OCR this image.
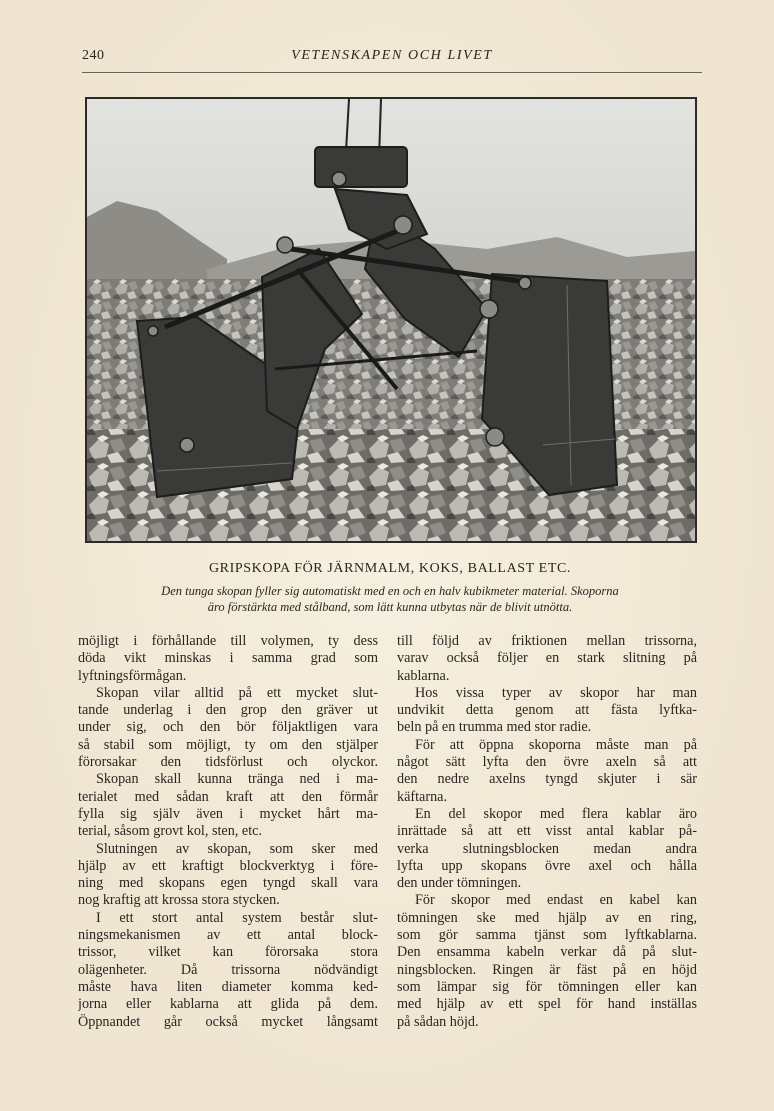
240	VETENSKAPEN OCH LIVET
GRIPSKOPA FÖR JÄRNMALM, KOKS, BALLAST ETC.
Den tunga skopan fyller sig automatiskt med en och en halv kubikmeter material. Skoporna
äro förstärkta med stålband, som lätt kunna utbytas när de blivit utnötta.
möjligt i förhållande till volymen, ty dess
döda vikt minskas i samma grad som
lyftningsförmågan.
Skopan vilar alltid på ett mycket slut-
tande underlag i den grop den gräver ut
under sig, och den bör följaktligen vara
så stabil som möjligt, ty om den stjälper
förorsakar den tidsförlust och olyckor.
Skopan skall kunna tränga ned i ma-
terialet med sådan kraft att den förmår
fylla sig själv även i mycket hårt ma-
terial, såsom grovt kol, sten, etc.
Slutningen av skopan, som sker med
hjälp av ett kraftigt blockverktyg i före-
ning med skopans egen tyngd skall vara
nog kraftig att krossa stora stycken.
I ett stort antal system består slut-
ningsmekanismen av ett antal block-
trissor, vilket kan förorsaka stora
olägenheter. Då trissorna nödvändigt
måste hava liten diameter komma ked-
jorna eller kablarna att glida på dem.
Öppnandet går också mycket långsamt
till följd av friktionen mellan trissorna,
varav också följer en stark slitning på
kablarna.
Hos vissa typer av skopor har man
undvikit detta genom att fästa lyftka-
beln på en trumma med stor radie.
För att öppna skoporna måste man på
något sätt lyfta den övre axeln så att
den nedre axelns tyngd skjuter i sär
käftarna.
En del skopor med flera kablar äro
inrättade så att ett visst antal kablar på-
verka slutningsblocken medan andra
lyfta upp skopans övre axel och hålla
den under tömningen.
För skopor med endast en kabel kan
tömningen ske med hjälp av en ring,
som gör samma tjänst som lyftkablarna.
Den ensamma kabeln verkar då på slut-
ningsblocken. Ringen är fäst på en höjd
som lämpar sig för tömningen eller kan
med hjälp av ett spel för hand inställas
på sådan höjd.
